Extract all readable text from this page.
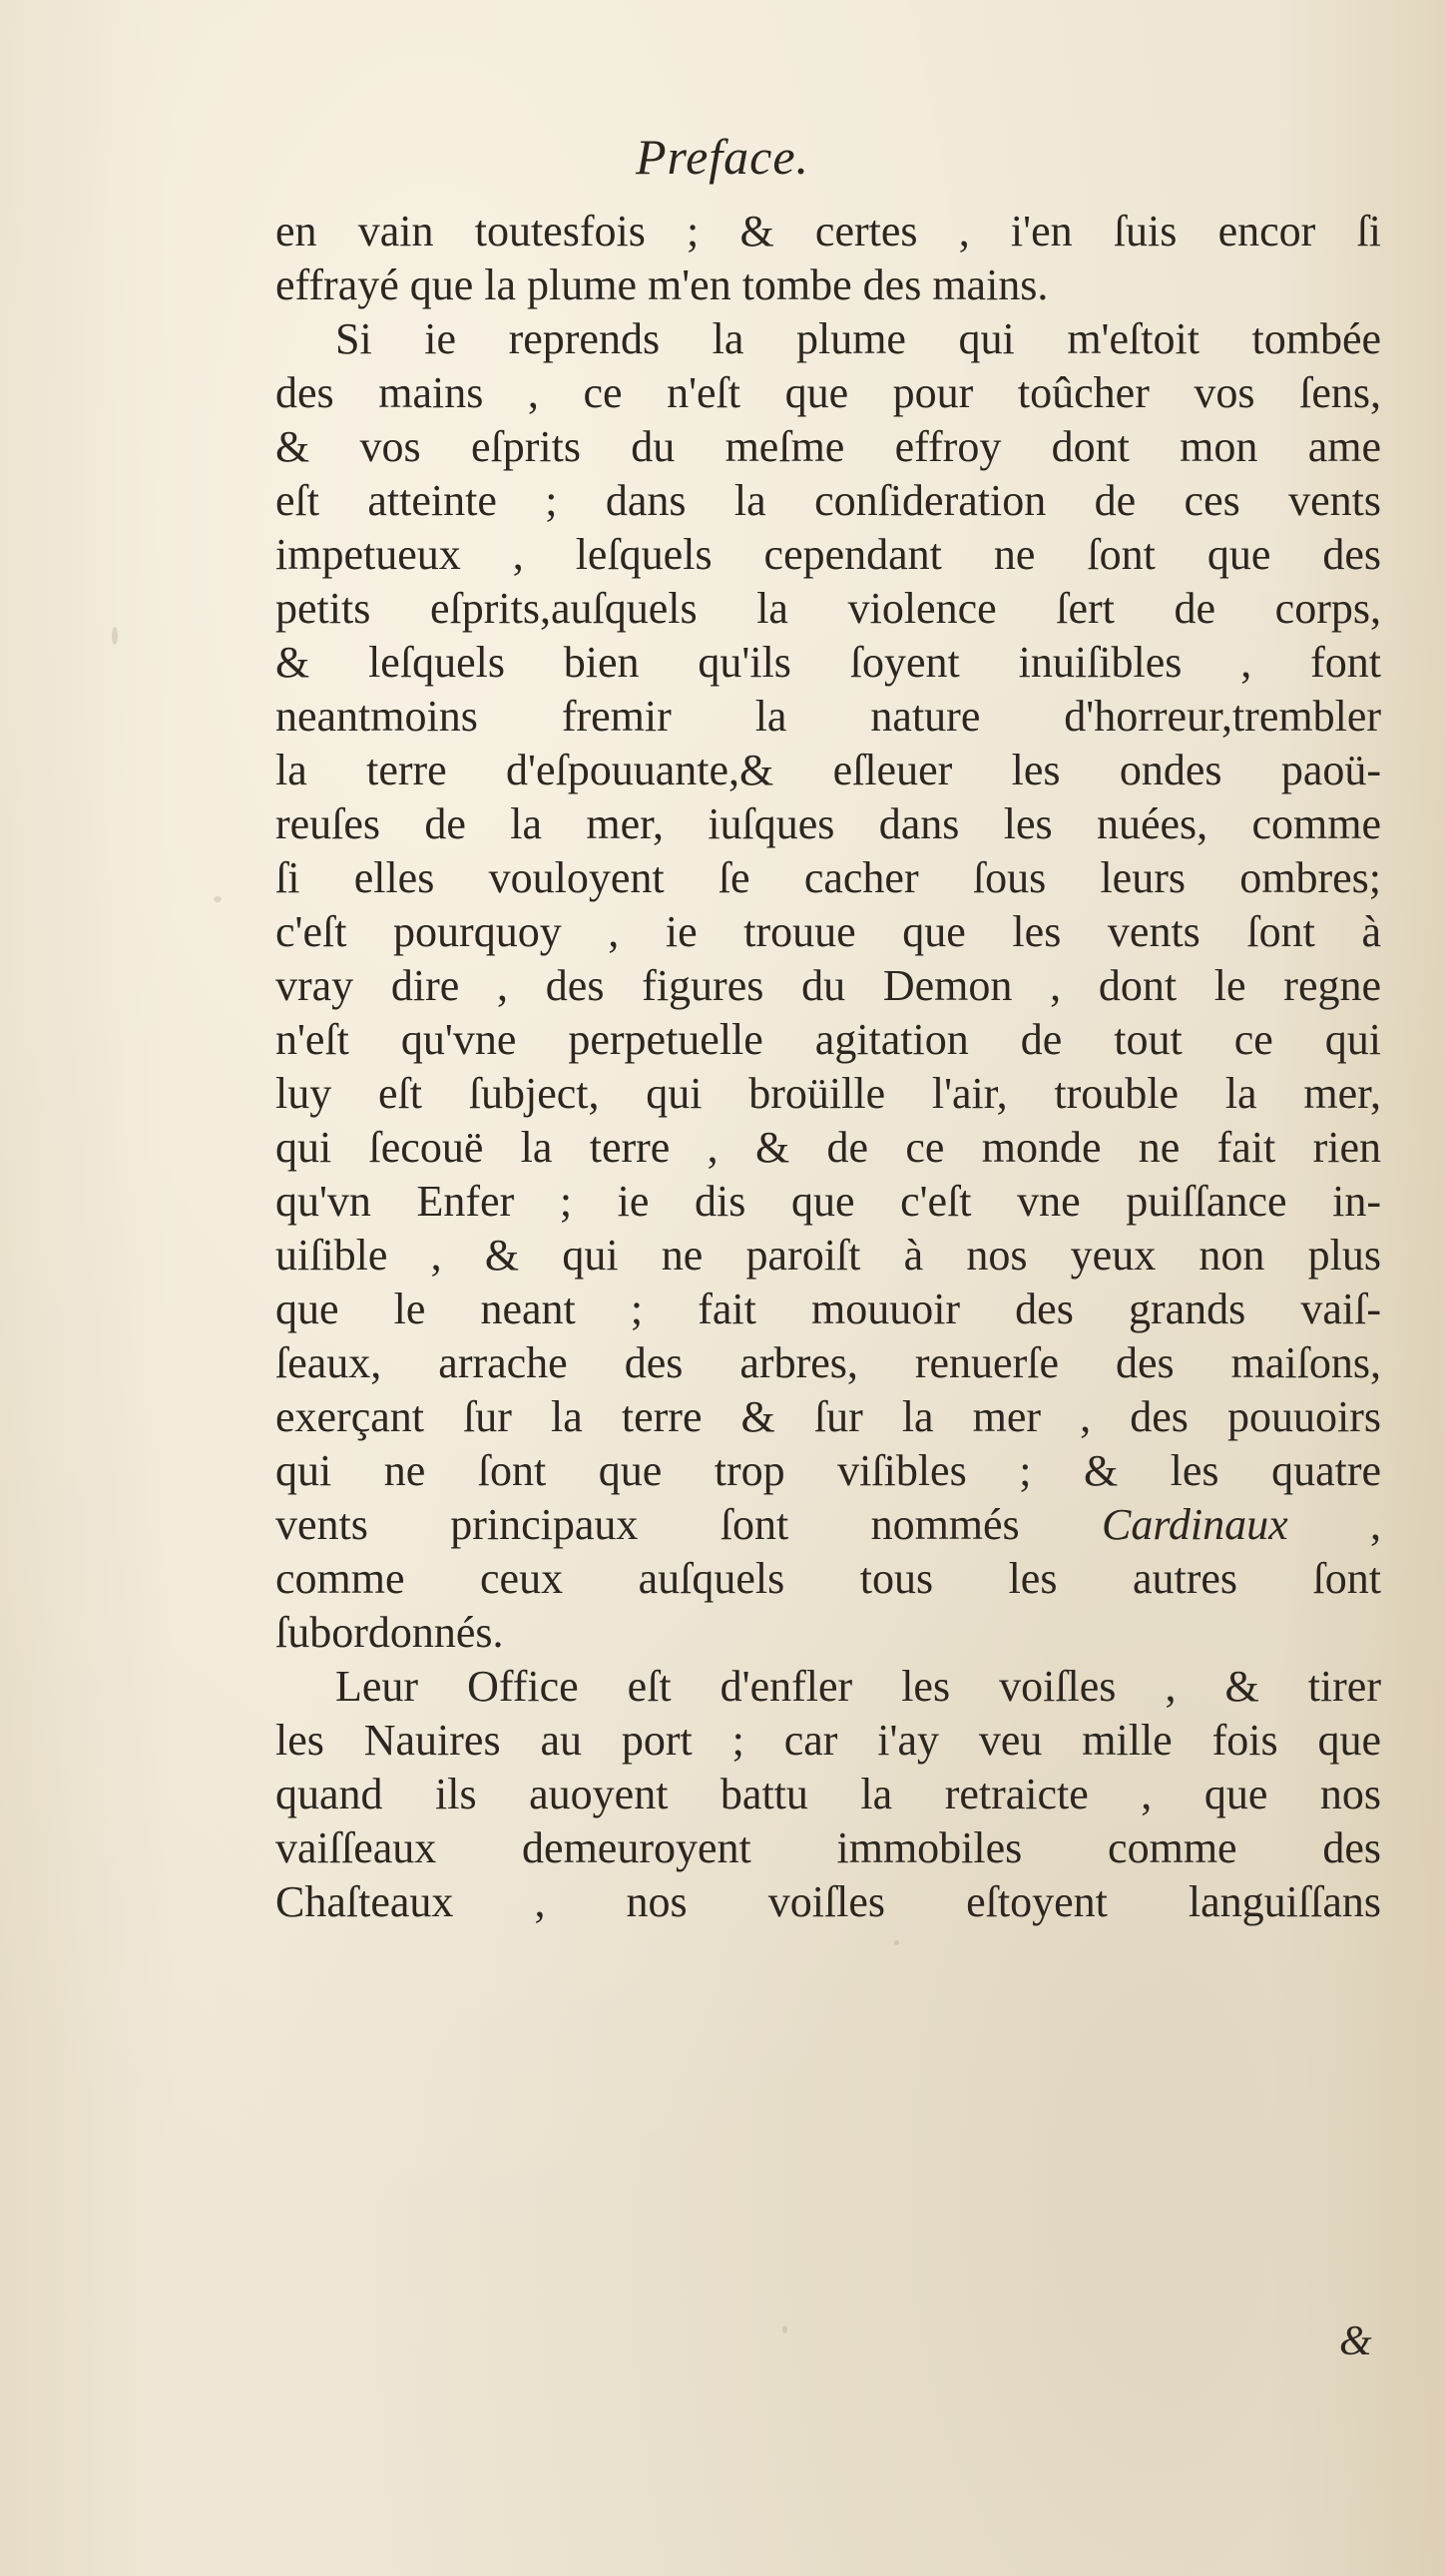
Preface.
en vain toutesfois ; & certes , i'en ſuis encor ſi
effrayé que la plume m'en tombe des mains.
Si ie reprends la plume qui m'eſtoit tombée
des mains , ce n'eſt que pour toûcher vos ſens,
& vos eſprits du meſme effroy dont mon ame
eſt atteinte ; dans la conſideration de ces vents
impetueux , leſquels cependant ne ſont que des
petits eſprits,auſquels la violence ſert de corps,
& leſquels bien qu'ils ſoyent inuiſibles , font
neantmoins fremir la nature d'horreur,trembler
la terre d'eſpouuante,& eſleuer les ondes paoü-
reuſes de la mer, iuſques dans les nuées, comme
ſi elles vouloyent ſe cacher ſous leurs ombres;
c'eſt pourquoy , ie trouue que les vents ſont à
vray dire , des figures du Demon , dont le regne
n'eſt qu'vne perpetuelle agitation de tout ce qui
luy eſt ſubject, qui broüille l'air, trouble la mer,
qui ſecouë la terre , & de ce monde ne fait rien
qu'vn Enfer ; ie dis que c'eſt vne puiſſance in-
uiſible , & qui ne paroiſt à nos yeux non plus
que le neant ; fait mouuoir des grands vaiſ-
ſeaux, arrache des arbres, renuerſe des maiſons,
exerçant ſur la terre & ſur la mer , des pouuoirs
qui ne ſont que trop viſibles ; & les quatre
vents principaux ſont nommés Cardinaux ,
comme ceux auſquels tous les autres ſont
ſubordonnés.
Leur Office eſt d'enfler les voiſles , & tirer
les Nauires au port ; car i'ay veu mille fois que
quand ils auoyent battu la retraicte , que nos
vaiſſeaux demeuroyent immobiles comme des
Chaſteaux , nos voiſles eſtoyent languiſſans
&
